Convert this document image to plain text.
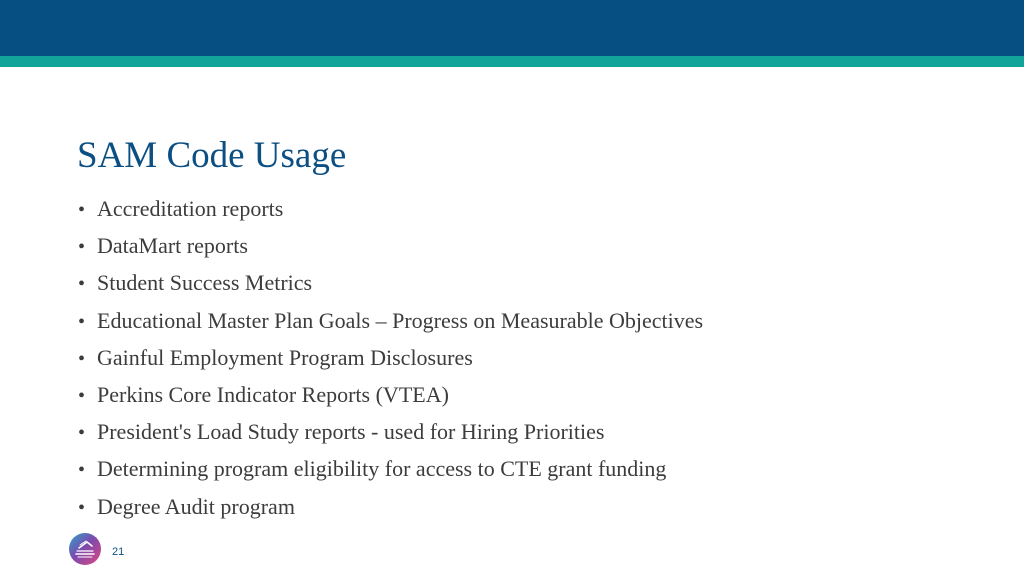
SAM Code Usage
• Accreditation reports
• DataMart reports
• Student Success Metrics
• Educational Master Plan Goals – Progress on Measurable Objectives
• Gainful Employment Program Disclosures
• Perkins Core Indicator Reports (VTEA)
• President's Load Study reports - used for Hiring Priorities
• Determining program eligibility for access to CTE grant funding
• Degree Audit program
21
